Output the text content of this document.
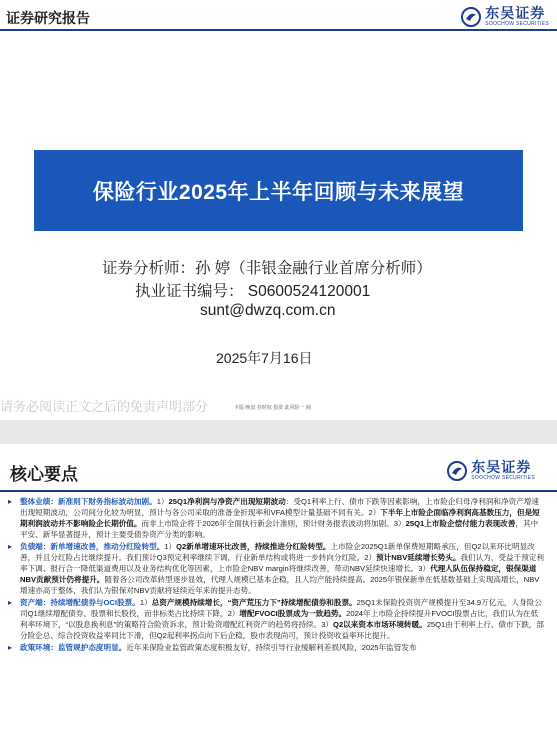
证券研究报告	东吴证券
SOOCHOW SECURITIES
保险行业2025年上半年回顾与未来展望
证券分析师：孙 婷（非银金融行业首席分析师）
执业证书编号： S0600524120001
sunt@dwzq.com.cn
2025年7月16日
请务必阅读正文之后的免责声明部分	卡版 晚盘 券时权 投资 此风险一 圈
核心要点	东吴证券
SOOCHOW SECURITIES
▸ 整体业绩：新准则下财务指标波动加剧。1）25Q1净利润与净资产出现短期波动：受Q1利率上行、债市下跌等因素影响，上市险企归母净利润和净资产增速出现短期波动，公司间分化较为明显，预计与各公司采取的准备金折现率和VFA模型计量基础不同有关。2）下半年上市险企面临净利润高基数压力，但是短期利润波动并不影响险企长期价值。而非上市险企将于2026年全面执行新会计准则，预计财务报表波动将加剧。3）25Q1上市险企偿付能力表现改善，其中平安、新华显著提升，预计主要受债券资产分类的影响。
▸ 负债端：新单增速改善，推动分红险转型。1）Q2新单增速环比改善，持续推进分红险转型。上市险企2025Q1新单保费短期略承压，但Q2以来环比明显改善，并且分红险占比继续提升。我们预计Q3预定利率继续下调，行业新单结构或将进一步转向分红险。2）预计NBV延续增长势头。我们认为，受益于预定利率下调、报行合一降低渠道费用以及业务结构优化等因素，上市险企NBV margin将继续改善，带动NBV延续快速增长。3）代理人队伍保持稳定，银保渠道NBV贡献预计仍将提升。随着各公司改革转型逐步显效，代理人规模已基本企稳，且人均产能持续提高。2025年银保新单在低基数基础上实现高增长，NBV增速亦高于整体，我们认为银保对NBV贡献将延续近年来的提升态势。
▸ 资产端：持续增配债券与OCI股票。1）总资产规模持续增长，“资产荒压力下”持续增配债券和股票。25Q1末保险投资资产规模提升至34.9万亿元，人身险公司Q1继续增配债券、股票和长股投，而非标类占比持续下降。2）增配FVOCI股票成为一致趋势。2024年上市险企持续提升FVOCI股票占比，我们认为在低利率环境下，“以股息换利息”的策略符合险资诉求，预计险资增配红利资产的趋势将持续。3）Q2以来资本市场环境转暖。25Q1由于利率上行、债市下跌，部分险企总、综合投资收益率同比下滑，但Q2起利率拐点向下后企稳，股市表现尚可，预计投资收益率环比提升。
▸ 政策环境：监管规护态度明显。近年来保险业监管政策态度积极友好，持续引导行业缓解利差损风险，2025年监管发布
